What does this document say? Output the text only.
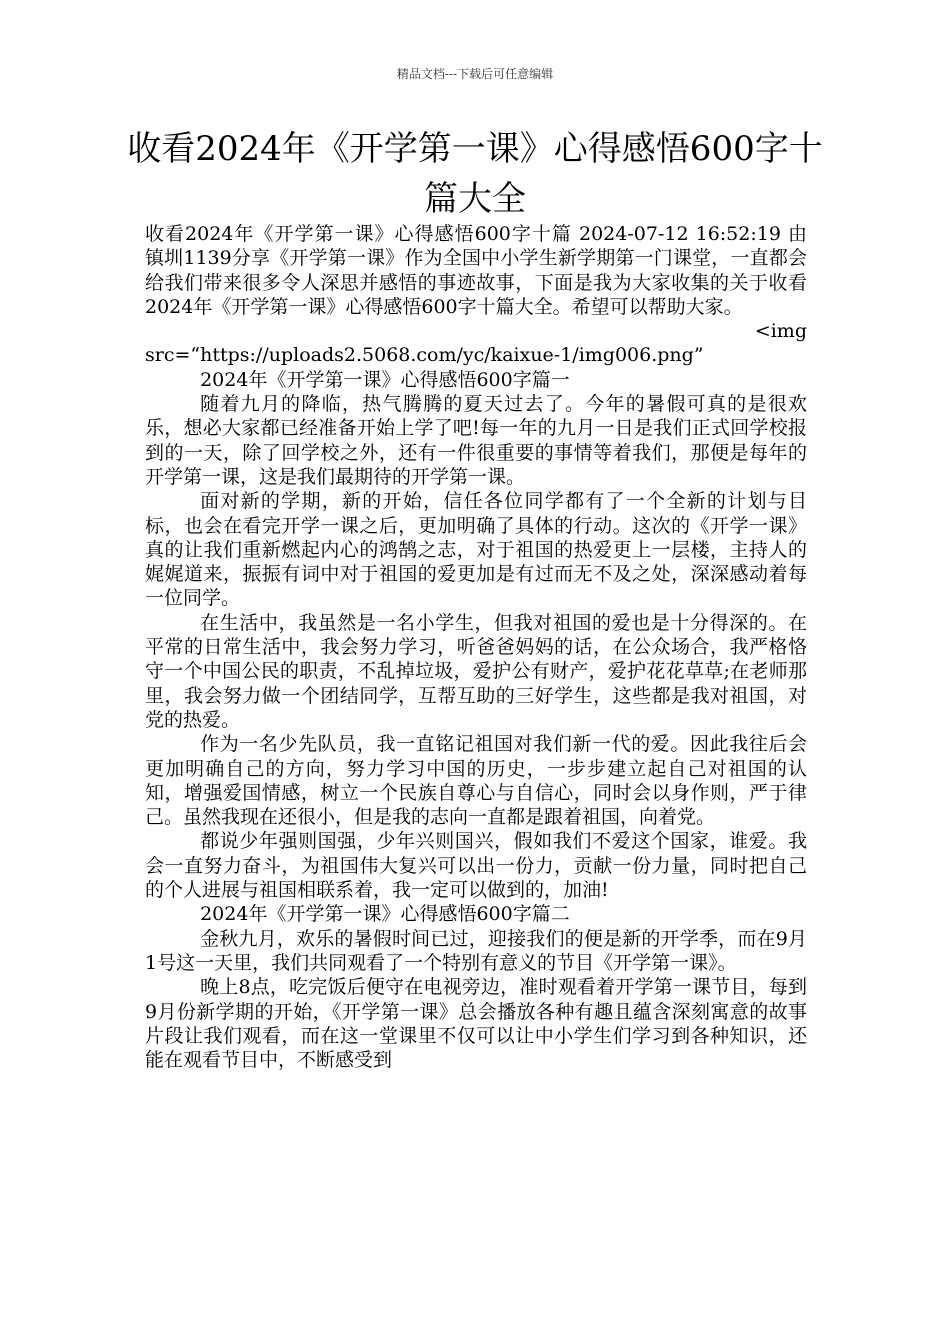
精品文档---下载后可任意编辑
收看2024年《开学第一课》心得感悟600字十篇大全

收看2024年《开学第一课》心得感悟600字十篇 2024-07-12 16:52:19 由 镇圳1139分享《开学第一课》作为全国中小学生新学期第一门课堂，一直都会给我们带来很多令人深思并感悟的事迹故事，下面是我为大家收集的关于收看2024年《开学第一课》心得感悟600字十篇大全。希望可以帮助大家。

<img

src=“https://uploads2.5068.com/yc/kaixue-1/img006.png”

2024年《开学第一课》心得感悟600字篇一

随着九月的降临，热气腾腾的夏天过去了。今年的暑假可真的是很欢乐，想必大家都已经准备开始上学了吧!每一年的九月一日是我们正式回学校报到的一天，除了回学校之外，还有一件很重要的事情等着我们，那便是每年的开学第一课，这是我们最期待的开学第一课。

面对新的学期，新的开始，信任各位同学都有了一个全新的计划与目标，也会在看完开学一课之后，更加明确了具体的行动。这次的《开学一课》真的让我们重新燃起内心的鸿鹄之志，对于祖国的热爱更上一层楼，主持人的娓娓道来，振振有词中对于祖国的爱更加是有过而无不及之处，深深感动着每一位同学。

在生活中，我虽然是一名小学生，但我对祖国的爱也是十分得深的。在平常的日常生活中，我会努力学习，听爸爸妈妈的话，在公众场合，我严格恪守一个中国公民的职责，不乱掉垃圾，爱护公有财产，爱护花花草草;在老师那里，我会努力做一个团结同学，互帮互助的三好学生，这些都是我对祖国，对党的热爱。

作为一名少先队员，我一直铭记祖国对我们新一代的爱。因此我往后会更加明确自己的方向，努力学习中国的历史，一步步建立起自己对祖国的认知，增强爱国情感，树立一个民族自尊心与自信心，同时会以身作则，严于律己。虽然我现在还很小，但是我的志向一直都是跟着祖国，向着党。

都说少年强则国强，少年兴则国兴，假如我们不爱这个国家，谁爱。我会一直努力奋斗，为祖国伟大复兴可以出一份力，贡献一份力量，同时把自己的个人进展与祖国相联系着，我一定可以做到的，加油!

2024年《开学第一课》心得感悟600字篇二

金秋九月，欢乐的暑假时间已过，迎接我们的便是新的开学季，而在9月1号这一天里，我们共同观看了一个特别有意义的节目《开学第一课》。

晚上8点，吃完饭后便守在电视旁边，准时观看着开学第一课节目，每到9月份新学期的开始，《开学第一课》总会播放各种有趣且蕴含深刻寓意的故事片段让我们观看，而在这一堂课里不仅可以让中小学生们学习到各种知识，还能在观看节目中，不断感受到
